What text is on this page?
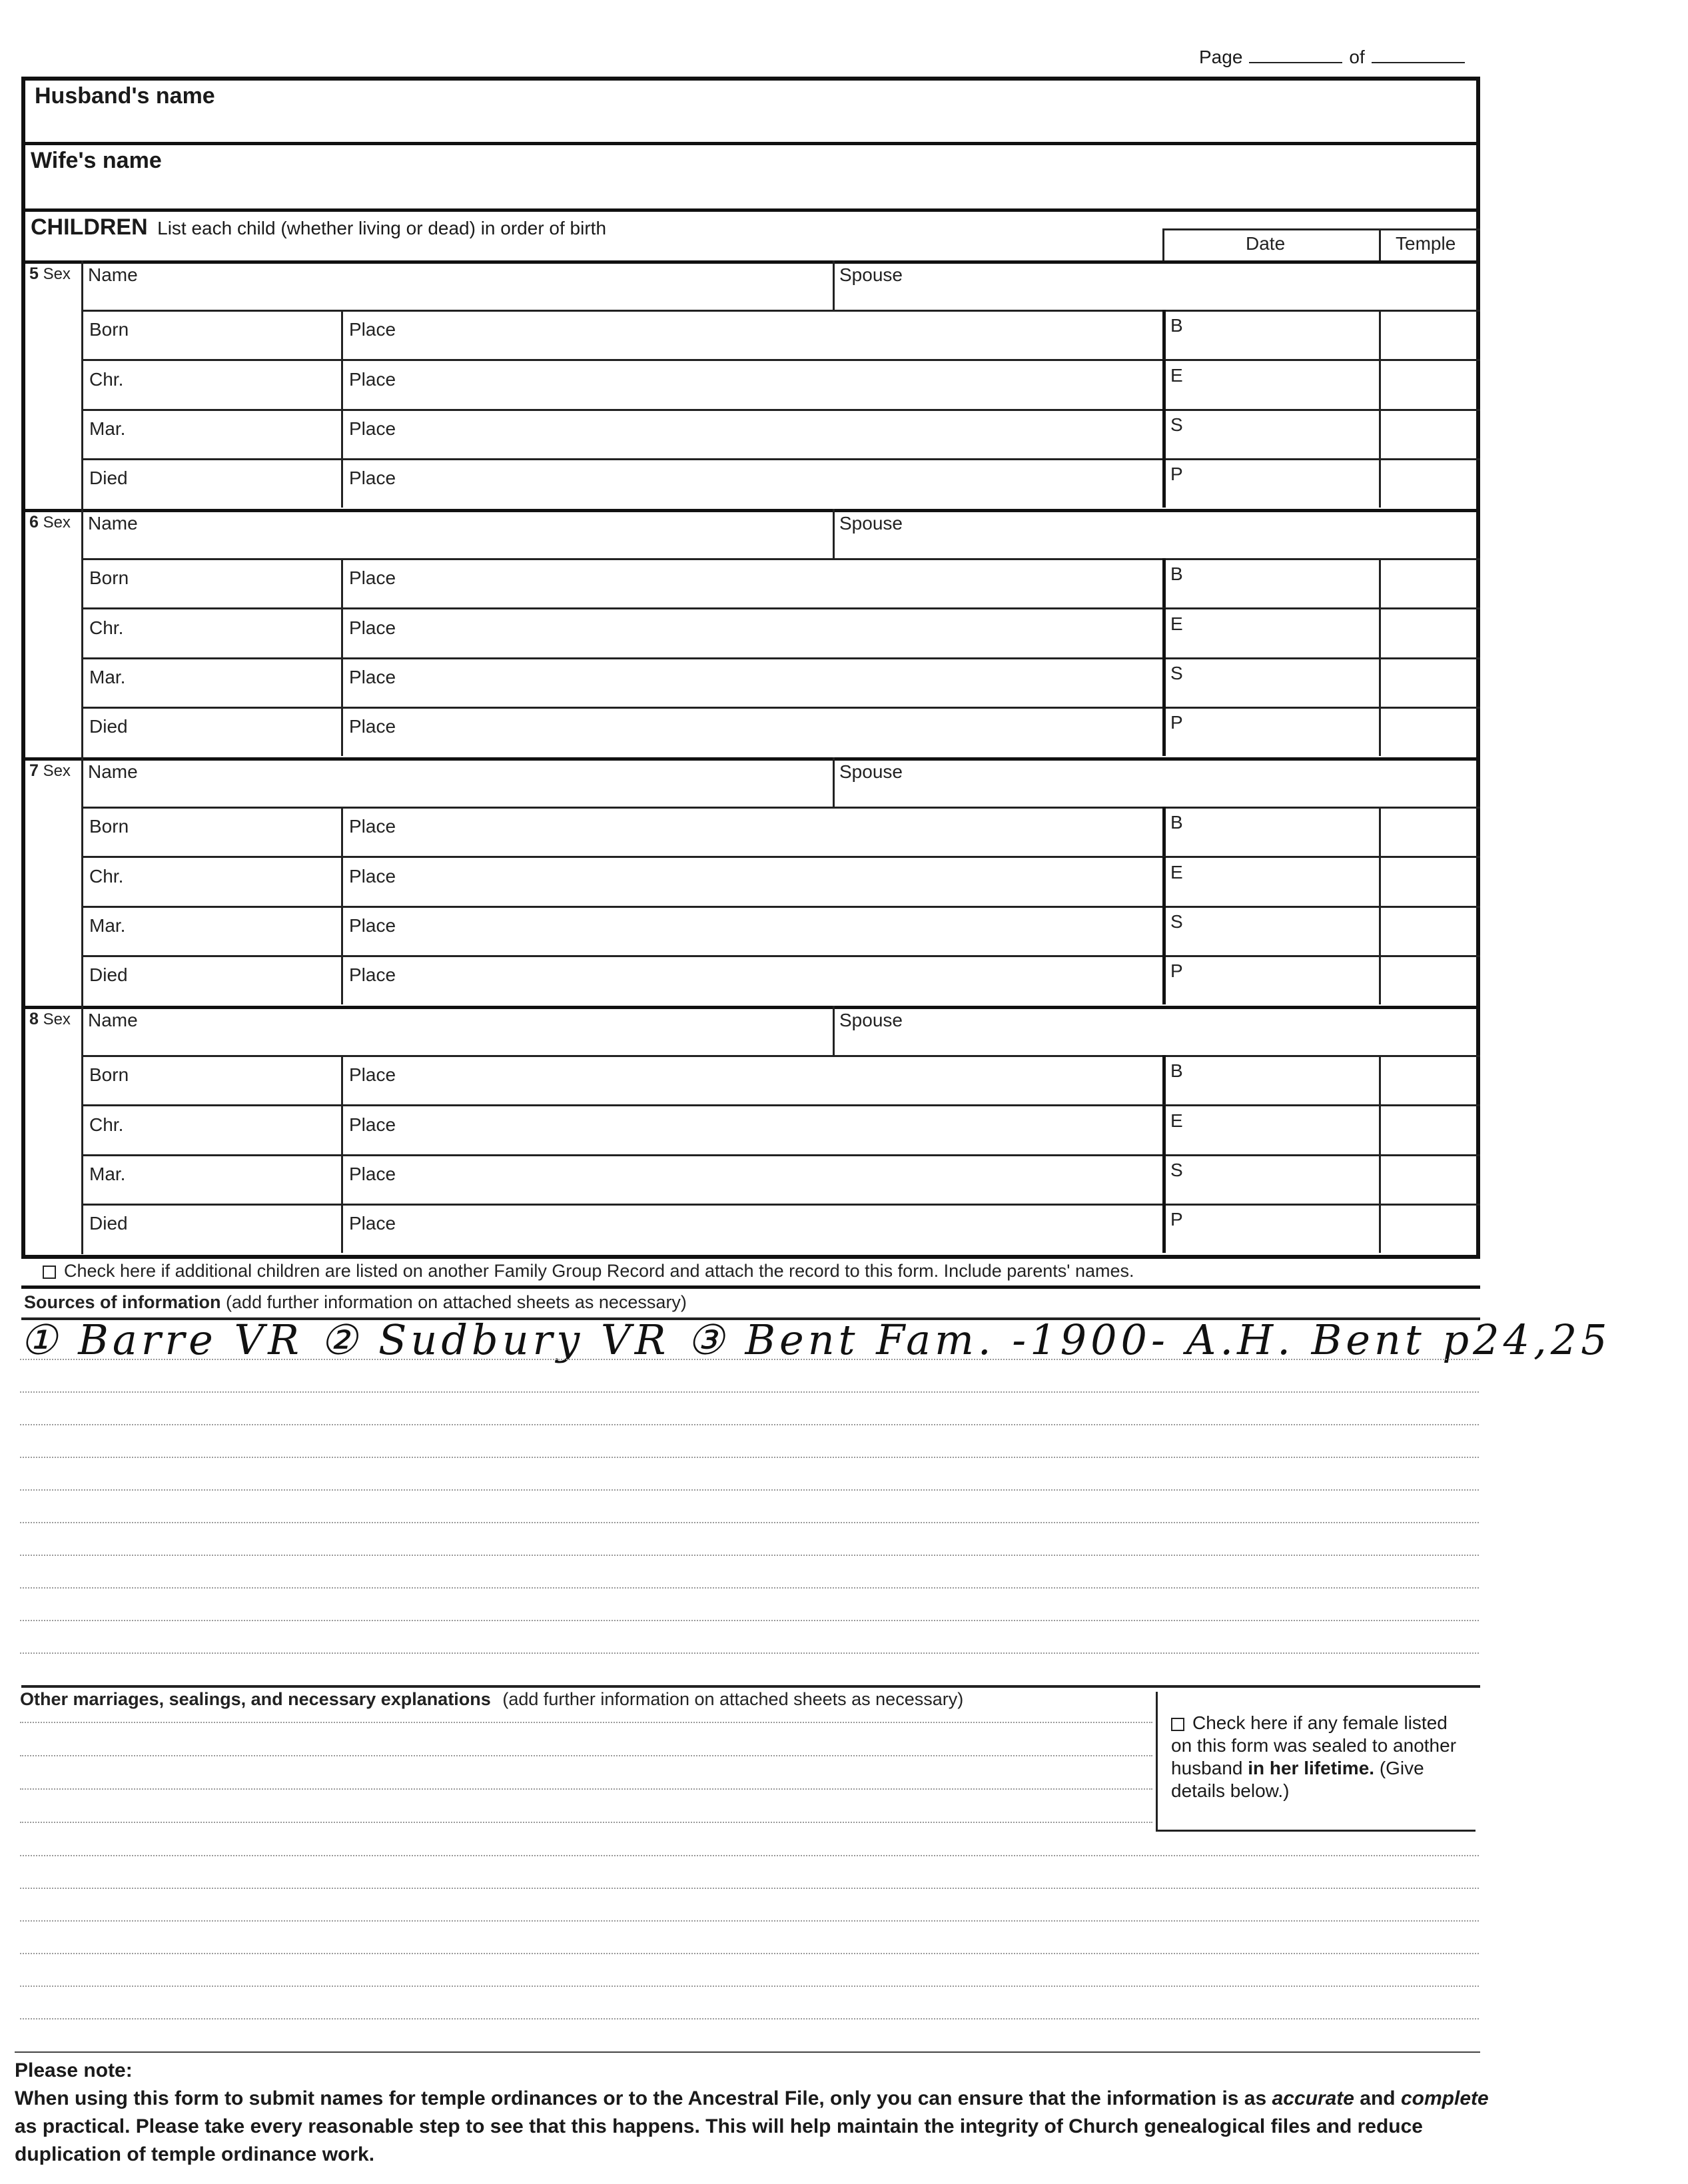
Page	of
Husband's name
Wife's name
CHILDREN List each child (whether living or dead) in order of birth
Date	Temple
5 Sex Name	Spouse
Born	Place	B
Chr.	Place	E
Mar.	Place	S
Died	Place	P
6 Sex Name	Spouse
Born	Place	B
Chr.	Place	E
Mar.	Place	S
Died	Place	P
7 Sex Name	Spouse
Born	Place	B
Chr.	Place	E
Mar.	Place	S
Died	Place	P
8 Sex Name	Spouse
Born	Place	B
Chr.	Place	E
Mar.	Place	S
Died	Place	P
Check here if additional children are listed on another Family Group Record and attach the record to this form. Include parents' names.
Sources of information (add further information on attached sheets as necessary)
① Barre VR ② Sudbury VR ③ Bent Fam. -1900- A.H. Bent p24,25
Other marriages, sealings, and necessary explanations (add further information on attached sheets as necessary)
Check here if any female listed on this form was sealed to another husband in her lifetime. (Give details below.)
Please note:
When using this form to submit names for temple ordinances or to the Ancestral File, only you can ensure that the information is as accurate and complete as practical. Please take every reasonable step to see that this happens. This will help maintain the integrity of Church genealogical files and reduce duplication of temple ordinance work.
